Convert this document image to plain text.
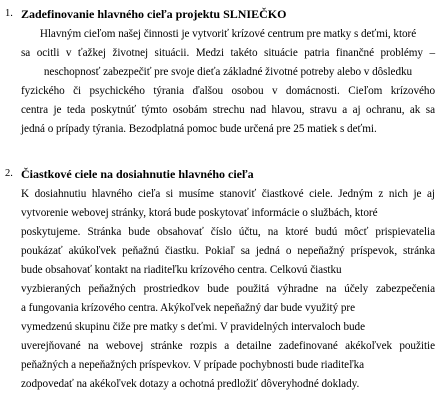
1. Zadefinovanie hlavného cieľa projektu SLNIEČKO
Hlavným cieľom našej činnosti je vytvoriť krízové centrum pre matky s deťmi, ktoré
sa ocitli v ťažkej životnej situácii. Medzi takéto situácie patria finančné problémy –
neschopnosť zabezpečiť pre svoje dieťa základné životné potreby alebo v dôsledku
fyzického či psychického týrania ďalšou osobou v domácnosti. Cieľom krízového
centra je teda poskytnúť týmto osobám strechu nad hlavou, stravu a aj ochranu, ak sa
jedná o prípady týrania. Bezodplatná pomoc bude určená pre 25 matiek s deťmi.
2. Čiastkové ciele na dosiahnutie hlavného cieľa
K dosiahnutiu hlavného cieľa si musíme stanoviť čiastkové ciele. Jedným z nich je aj
vytvorenie webovej stránky, ktorá bude poskytovať informácie o službách, ktoré
poskytujeme. Stránka bude obsahovať číslo účtu, na ktoré budú môcť prispievatelia
poukázať akúkoľvek peňažnú čiastku. Pokiaľ sa jedná o nepeňažný príspevok, stránka
bude obsahovať kontakt na riaditeľku krízového centra. Celkovú čiastku
vyzbieraných peňažných prostriedkov bude použitá výhradne na účely zabezpečenia
a fungovania krízového centra. Akýkoľvek nepeňažný dar bude využitý pre
vymedzenú skupinu čiže pre matky s deťmi. V pravidelných intervaloch bude
uverejňované na webovej stránke rozpis a detailne zadefinované akékoľvek použitie
peňažných a nepeňažných príspevkov. V prípade pochybnosti bude riaditeľka
zodpovedať na akékoľvek dotazy a ochotná predložiť dôveryhodné doklady.
